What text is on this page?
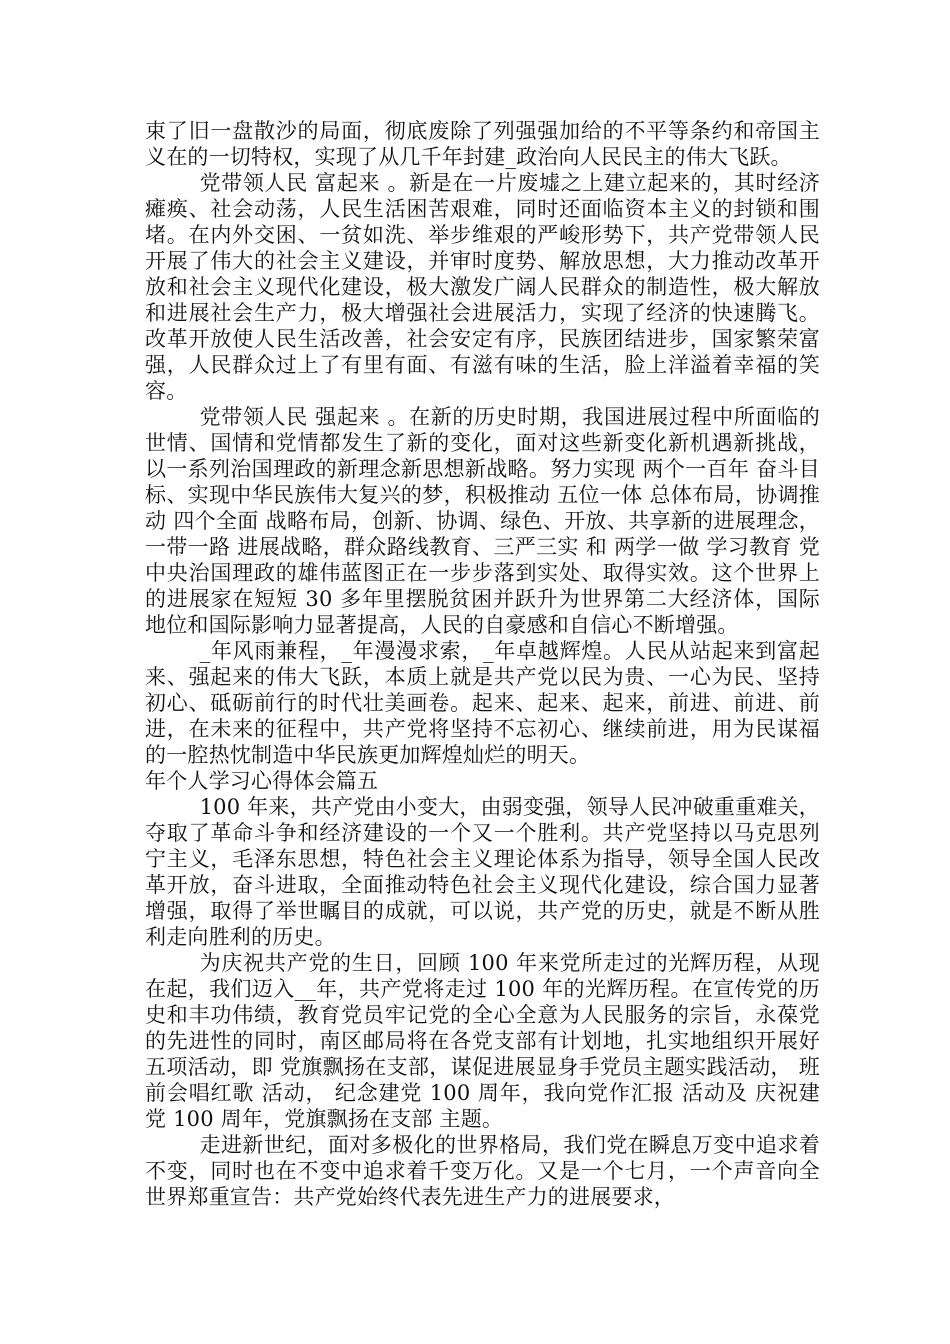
束了旧一盘散沙的局面，彻底废除了列强强加给的不平等条约和帝国主义在的一切特权，实现了从几千年封建_政治向人民民主的伟大飞跃。

党带领人民 富起来 。新是在一片废墟之上建立起来的，其时经济瘫痪、社会动荡，人民生活困苦艰难，同时还面临资本主义的封锁和围堵。在内外交困、一贫如洗、举步维艰的严峻形势下，共产党带领人民开展了伟大的社会主义建设，并审时度势、解放思想，大力推动改革开放和社会主义现代化建设，极大激发广阔人民群众的制造性，极大解放和进展社会生产力，极大增强社会进展活力，实现了经济的快速腾飞。改革开放使人民生活改善，社会安定有序，民族团结进步，国家繁荣富强，人民群众过上了有里有面、有滋有味的生活，脸上洋溢着幸福的笑容。

党带领人民 强起来 。在新的历史时期，我国进展过程中所面临的世情、国情和党情都发生了新的变化，面对这些新变化新机遇新挑战，以一系列治国理政的新理念新思想新战略。努力实现 两个一百年 奋斗目标、实现中华民族伟大复兴的梦，积极推动 五位一体 总体布局，协调推动 四个全面 战略布局，创新、协调、绿色、开放、共享新的进展理念， 一带一路 进展战略，群众路线教育、三严三实 和 两学一做 学习教育 党中央治国理政的雄伟蓝图正在一步步落到实处、取得实效。这个世界上的进展家在短短 30 多年里摆脱贫困并跃升为世界第二大经济体，国际地位和国际影响力显著提高，人民的自豪感和自信心不断增强。

_年风雨兼程，_年漫漫求索，_年卓越辉煌。人民从站起来到富起来、强起来的伟大飞跃，本质上就是共产党以民为贵、一心为民、坚持初心、砥砺前行的时代壮美画卷。起来、起来、起来，前进、前进、前进，在未来的征程中，共产党将坚持不忘初心、继续前进，用为民谋福的一腔热忱制造中华民族更加辉煌灿烂的明天。

年个人学习心得体会篇五

100 年来，共产党由小变大，由弱变强，领导人民冲破重重难关，夺取了革命斗争和经济建设的一个又一个胜利。共产党坚持以马克思列宁主义，毛泽东思想，特色社会主义理论体系为指导，领导全国人民改革开放，奋斗进取，全面推动特色社会主义现代化建设，综合国力显著增强，取得了举世瞩目的成就，可以说，共产党的历史，就是不断从胜利走向胜利的历史。

为庆祝共产党的生日，回顾 100 年来党所走过的光辉历程，从现在起，我们迈入__年，共产党将走过 100 年的光辉历程。在宣传党的历史和丰功伟绩，教育党员牢记党的全心全意为人民服务的宗旨，永葆党的先进性的同时，南区邮局将在各党支部有计划地，扎实地组织开展好五项活动，即 党旗飘扬在支部，谋促进展显身手党员主题实践活动， 班前会唱红歌 活动， 纪念建党 100 周年，我向党作汇报 活动及 庆祝建党 100 周年，党旗飘扬在支部 主题。

走进新世纪，面对多极化的世界格局，我们党在瞬息万变中追求着不变，同时也在不变中追求着千变万化。又是一个七月，一个声音向全世界郑重宣告：共产党始终代表先进生产力的进展要求，
